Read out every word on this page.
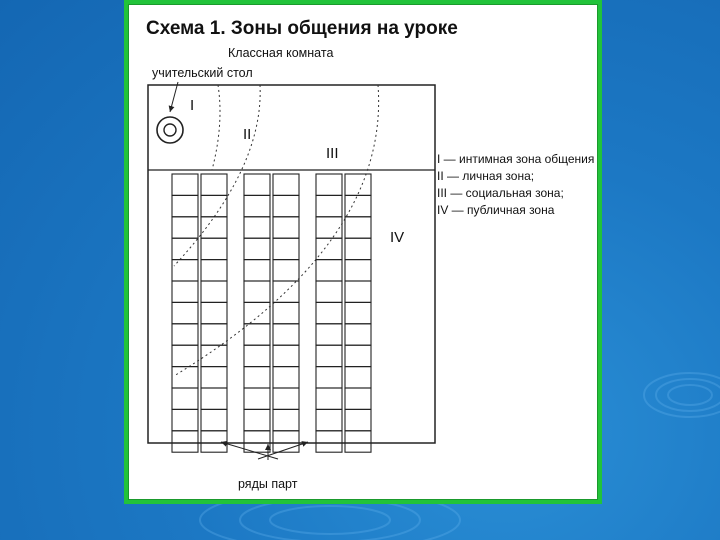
Схема 1. Зоны общения на уроке
Классная комната
учительский стол
I
II
III
IV
ряды парт
I — интимная зона общения
II — личная зона;
III — социальная зона;
IV — публичная зона
